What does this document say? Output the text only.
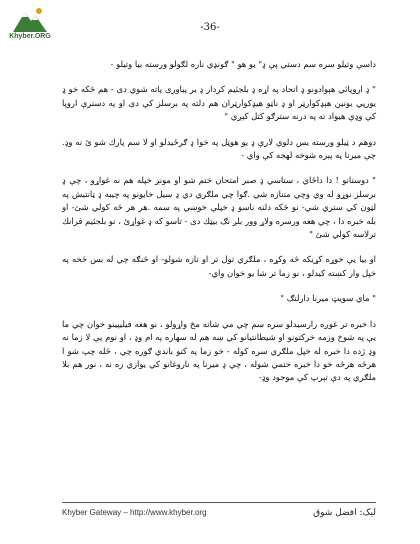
Khyber.ORG
-36-

داسې وتيلو سره سم دستي پې ډ" يو هو " ګونډي ناره لګولو ورسته بيا وتيلو -

" ډ اروپائي هېوادونو ډ اتحاد په اړه ډ بلجئيم كردار ډ بر پياورى پاته شوي دى - هم څكه خو ډ يورپي يونين هېډكوارټر او ډ ناټو هيډكوارټران هم دلته په برسلز كې دى او په دسترې اروپا كې وډې هيواد ته په درنه سترګو كتل كېږي "

دوهم د ټيلو ورسته يس دلوې لارې ډ يو هوټل په خوا ډ ګرځيدلو او لا سم پارك شو ئ نه وډ. چې ميرنا په پېره شوخه لهجه كې واي -

" دوستانو ! دا داځاي ، ستاسي ډ صبر امتحان ختم شو او مونږ خپله هم نه غواړو ، چې ډ برسلز نوړو له وي وچي متنازه شي .ګوا چي ملګري دي ډ سيل خايونو په چيبه ډ ټانتيش په لټون كي ستري شي- نو څكه دلته ناسو ډ خپلې خوښي په سمه .هر هر څه كولي شئ- او بله خبره دا ، چي هغه ورسره ولاړ وور بلږ نګ بيټك دى - تاسو كه ډ غواړئ ، نو بلجئيم فرانك ترلاسه كولي شئ "

او بيا يې خوړه كړيكه څه وكړه ، ملګري تول تر او تازه شولو- او څنګه چي له بس څخه په خپل وار كښته كيدلو ، نو زما تر شا يو خوان واي-

" ماي سويټ ميرنا دارلنګ "

دا خبره تر غوږه رارسيدلو سره سم چي مي شاته مخ واړولو ، نو هغه فيليپينو خوان چي ما يې په شوخ وزمه خركتونو او شيطانتيانو كي ښه هم له سهاره په ام وډ ، او نوم يې لا زما نه وډ ژده دا خبره له خپل ملګري سره كوله - خو زما په كتو باندي ګوره چي ، څله چپ شو ا هرڅه هرڅه خو دا خبره حتمي شوله ، چي ډ ميرنا په ناروغانو كي يوازي زه نه ، نور هم بلا ملګري په دې تېرپ كې موجود وډ-

Khyber Gateway – http://www.khyber.org	ليک: افضل شوق
